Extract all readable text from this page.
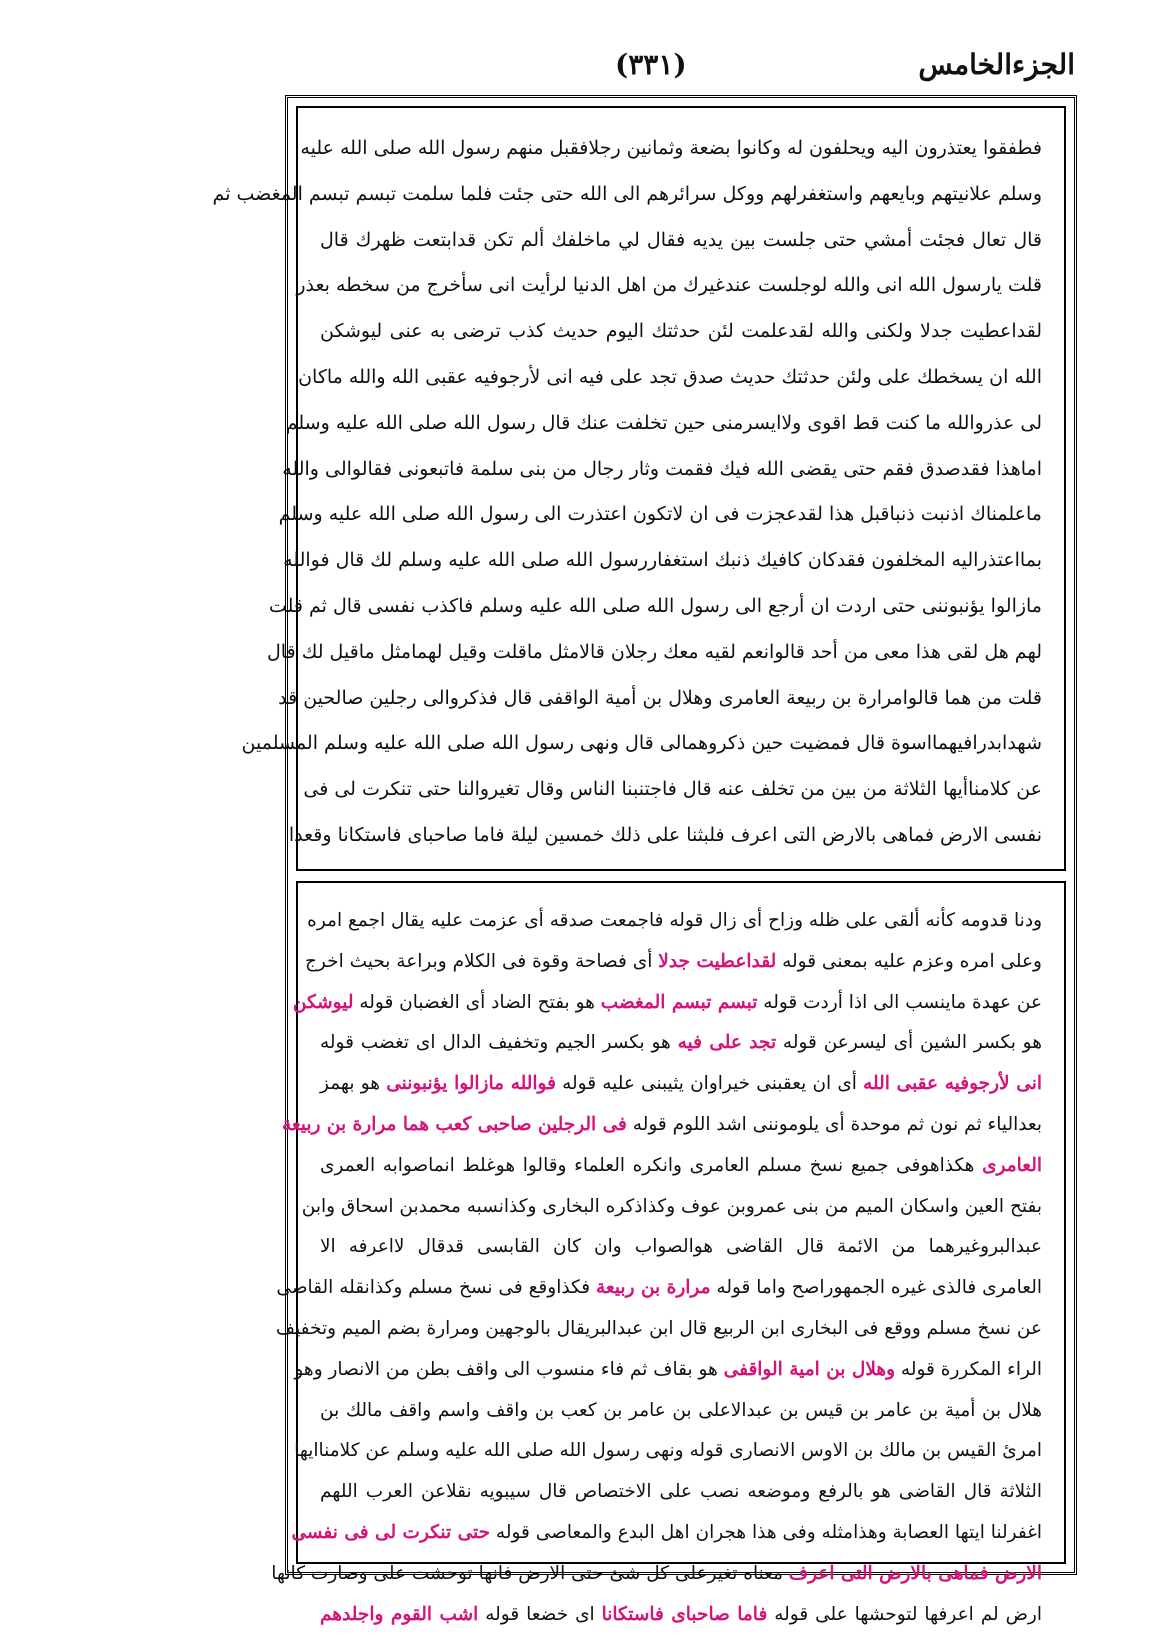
الجزءالخامس
(٣٣١)
فطفقوا يعتذرون اليه ويحلفون له وكانوا بضعة وثمانين رجلافقبل منهم رسول الله صلى الله عليه
وسلم علانيتهم وبايعهم واستغفرلهم ووكل سرائرهم الى الله حتى جئت فلما سلمت تبسم تبسم المغضب ثم
قال تعال فجئت أمشي حتى جلست بين يديه فقال لي ماخلفك ألم تكن قدابتعت ظهرك قال
قلت يارسول الله انى والله لوجلست عندغيرك من اهل الدنيا لرأيت انى سأخرج من سخطه بعذر
لقداعطيت جدلا ولكنى والله لقدعلمت لئن حدثتك اليوم حديث كذب ترضى به عنى ليوشكن
الله ان يسخطك على ولئن حدثتك حديث صدق تجد على فيه انى لأرجوفيه عقبى الله والله ماكان
لى عذروالله ما كنت قط اقوى ولاايسرمنى حين تخلفت عنك قال رسول الله صلى الله عليه وسلم
اماهذا فقدصدق فقم حتى يقضى الله فيك فقمت وثار رجال من بنى سلمة فاتبعونى فقالوالى والله
ماعلمناك اذنبت ذنباقبل هذا لقدعجزت فى ان لاتكون اعتذرت الى رسول الله صلى الله عليه وسلم
بمااعتذراليه المخلفون فقدكان كافيك ذنبك استغفاررسول الله صلى الله عليه وسلم لك قال فوالله
مازالوا يؤنبوننى حتى اردت ان أرجع الى رسول الله صلى الله عليه وسلم فاكذب نفسى قال ثم قلت
لهم هل لقى هذا معى من أحد قالوانعم لقيه معك رجلان قالامثل ماقلت وقيل لهمامثل ماقيل لك قال
قلت من هما قالوامرارة بن ربيعة العامرى وهلال بن أمية الواقفى قال فذكروالى رجلين صالحين قد
شهدابدرافيهمااسوة قال فمضيت حين ذكروهمالى قال ونهى رسول الله صلى الله عليه وسلم المسلمين
عن كلامناأيها الثلاثة من بين من تخلف عنه قال فاجتنبنا الناس وقال تغيروالنا حتى تنكرت لى فى
نفسى الارض فماهى بالارض التى اعرف فلبثنا على ذلك خمسين ليلة فاما صاحباى فاستكانا وقعدا
ودنا قدومه كأنه ألقى على ظله وزاح أى زال قوله فاجمعت صدقه أى عزمت عليه يقال اجمع امره
وعلى امره وعزم عليه بمعنى قوله لقداعطيت جدلا أى فصاحة وقوة فى الكلام وبراعة بحيث اخرج
عن عهدة ماينسب الى اذا أردت قوله تبسم تبسم المغضب هو بفتح الضاد أى الغضبان قوله ليوشكن
هو بكسر الشين أى ليسرعن قوله تجد على فيه هو بكسر الجيم وتخفيف الدال اى تغضب قوله
انى لأرجوفيه عقبى الله أى ان يعقبنى خيراوان يثيبنى عليه قوله فوالله مازالوا يؤنبوننى هو بهمز
بعدالياء ثم نون ثم موحدة أى يلوموننى اشد اللوم قوله فى الرجلين صاحبى كعب هما مرارة بن ربيعة
العامرى هكذاهوفى جميع نسخ مسلم العامرى وانكره العلماء وقالوا هوغلط انماصوابه العمرى
بفتح العين واسكان الميم من بنى عمروبن عوف وكذاذكره البخارى وكذانسبه محمدبن اسحاق وابن
عبدالبروغيرهما من الائمة قال القاضى هوالصواب وان كان القابسى قدقال لااعرفه الا
العامرى فالذى غيره الجمهوراصح واما قوله مرارة بن ربيعة فكذاوقع فى نسخ مسلم وكذانقله القاضى
عن نسخ مسلم ووقع فى البخارى ابن الربيع قال ابن عبدالبريقال بالوجهين ومرارة بضم الميم وتخفيف
الراء المكررة قوله وهلال بن امية الواقفى هو بقاف ثم فاء منسوب الى واقف بطن من الانصار وهو
هلال بن أمية بن عامر بن قيس بن عبدالاعلى بن عامر بن كعب بن واقف واسم واقف مالك بن
امرئ القيس بن مالك بن الاوس الانصارى قوله ونهى رسول الله صلى الله عليه وسلم عن كلامناايها
الثلاثة قال القاضى هو بالرفع وموضعه نصب على الاختصاص قال سيبويه نقلاعن العرب اللهم
اغفرلنا ايتها العصابة وهذامثله وفى هذا هجران اهل البدع والمعاصى قوله حتى تنكرت لى فى نفسى
الارض فماهى بالارض التى اعرف معناه تغيرعلى كل شئ حتى الارض فانها توحشت على وصارت كانها
ارض لم اعرفها لتوحشها على قوله فاما صاحباى فاستكانا اى خضعا قوله اشب القوم واجلدهم
